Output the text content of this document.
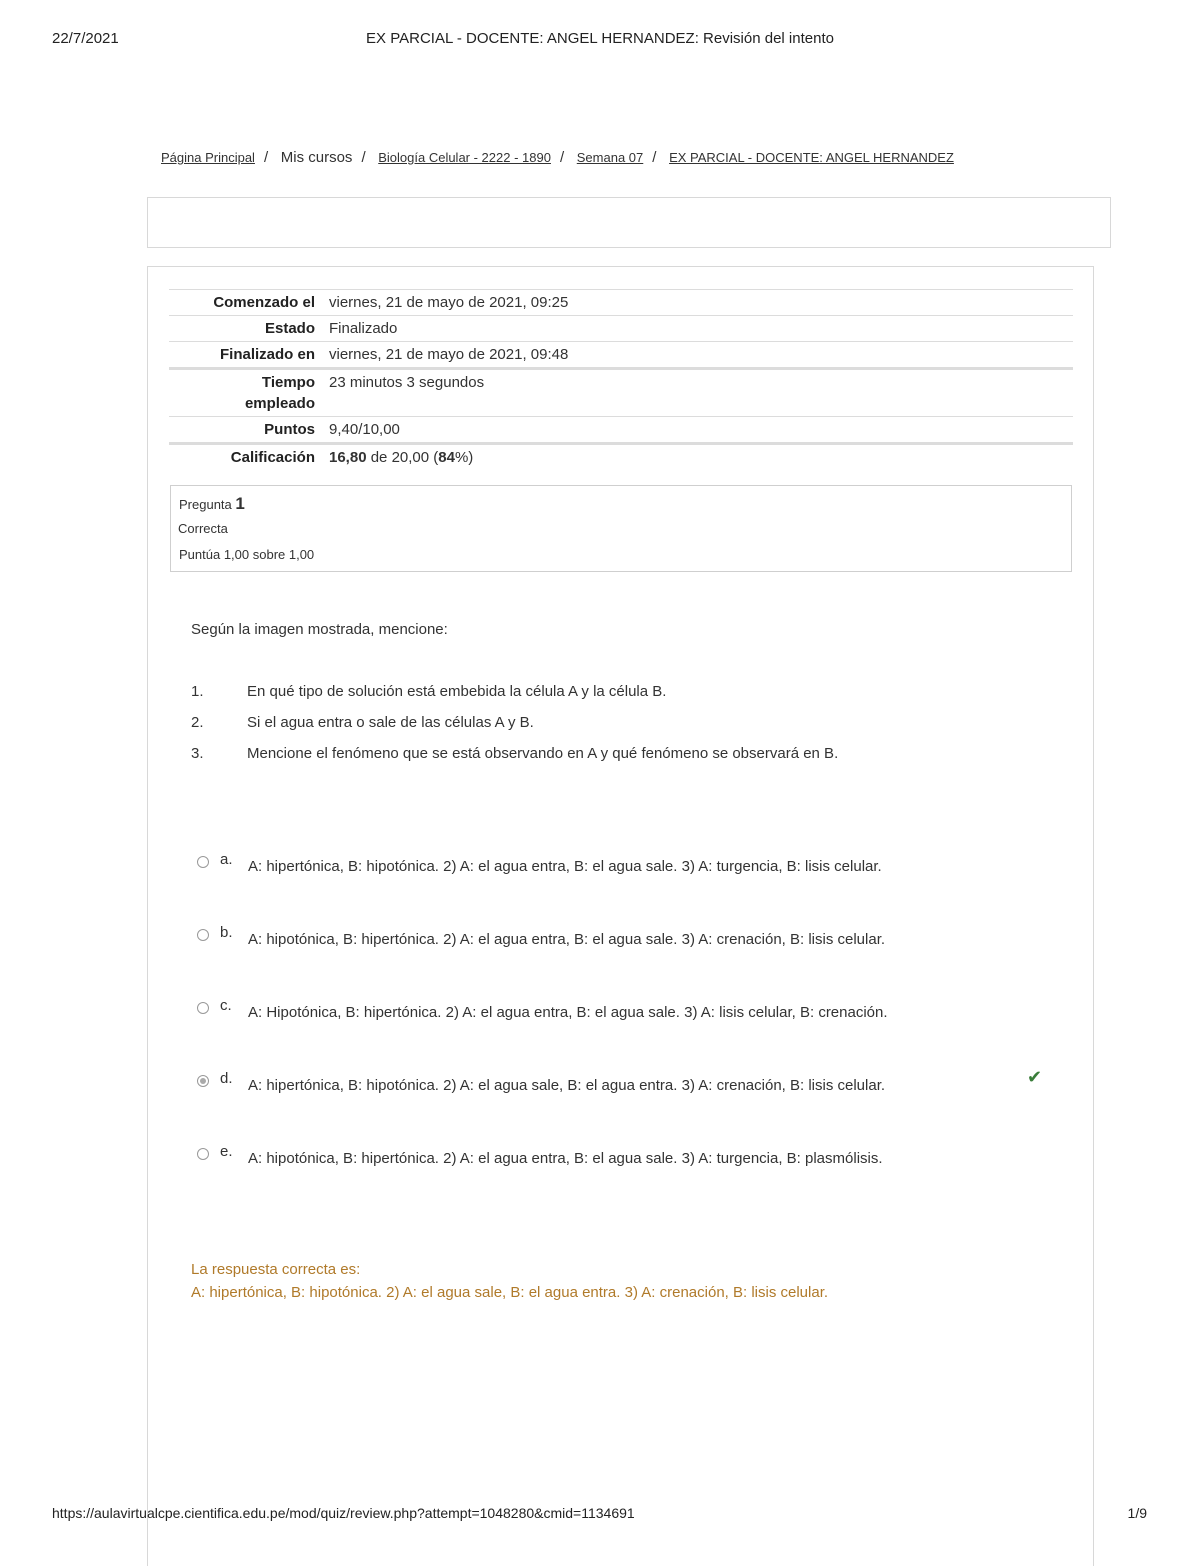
22/7/2021	EX PARCIAL - DOCENTE: ANGEL HERNANDEZ: Revisión del intento
Página Principal / Mis cursos / Biología Celular - 2222 - 1890 / Semana 07 / EX PARCIAL - DOCENTE: ANGEL HERNANDEZ
Comenzado el	viernes, 21 de mayo de 2021, 09:25
Estado	Finalizado
Finalizado en	viernes, 21 de mayo de 2021, 09:48
Tiempo
empleado	23 minutos 3 segundos
Puntos	9,40/10,00
Calificación	16,80 de 20,00 (84%)
Pregunta 1
Correcta
Puntúa 1,00 sobre 1,00
Según la imagen mostrada, mencione:
1.	En qué tipo de solución está embebida la célula A y la célula B.
2.	Si el agua entra o sale de las células A y B.
3.	Mencione el fenómeno que se está observando en A y qué fenómeno se observará en B.
a. A: hipertónica, B: hipotónica. 2) A: el agua entra, B: el agua sale. 3) A: turgencia, B: lisis celular.
b. A: hipotónica, B: hipertónica. 2) A: el agua entra, B: el agua sale. 3) A: crenación, B: lisis celular.
c. A: Hipotónica, B: hipertónica. 2) A: el agua entra, B: el agua sale. 3) A: lisis celular, B: crenación.
d. A: hipertónica, B: hipotónica. 2) A: el agua sale, B: el agua entra. 3) A: crenación, B: lisis celular.	✔
e. A: hipotónica, B: hipertónica. 2) A: el agua entra, B: el agua sale. 3) A: turgencia, B: plasmólisis.
La respuesta correcta es:
A: hipertónica, B: hipotónica. 2) A: el agua sale, B: el agua entra. 3) A: crenación, B: lisis celular.
https://aulavirtualcpe.cientifica.edu.pe/mod/quiz/review.php?attempt=1048280&cmid=1134691	1/9
